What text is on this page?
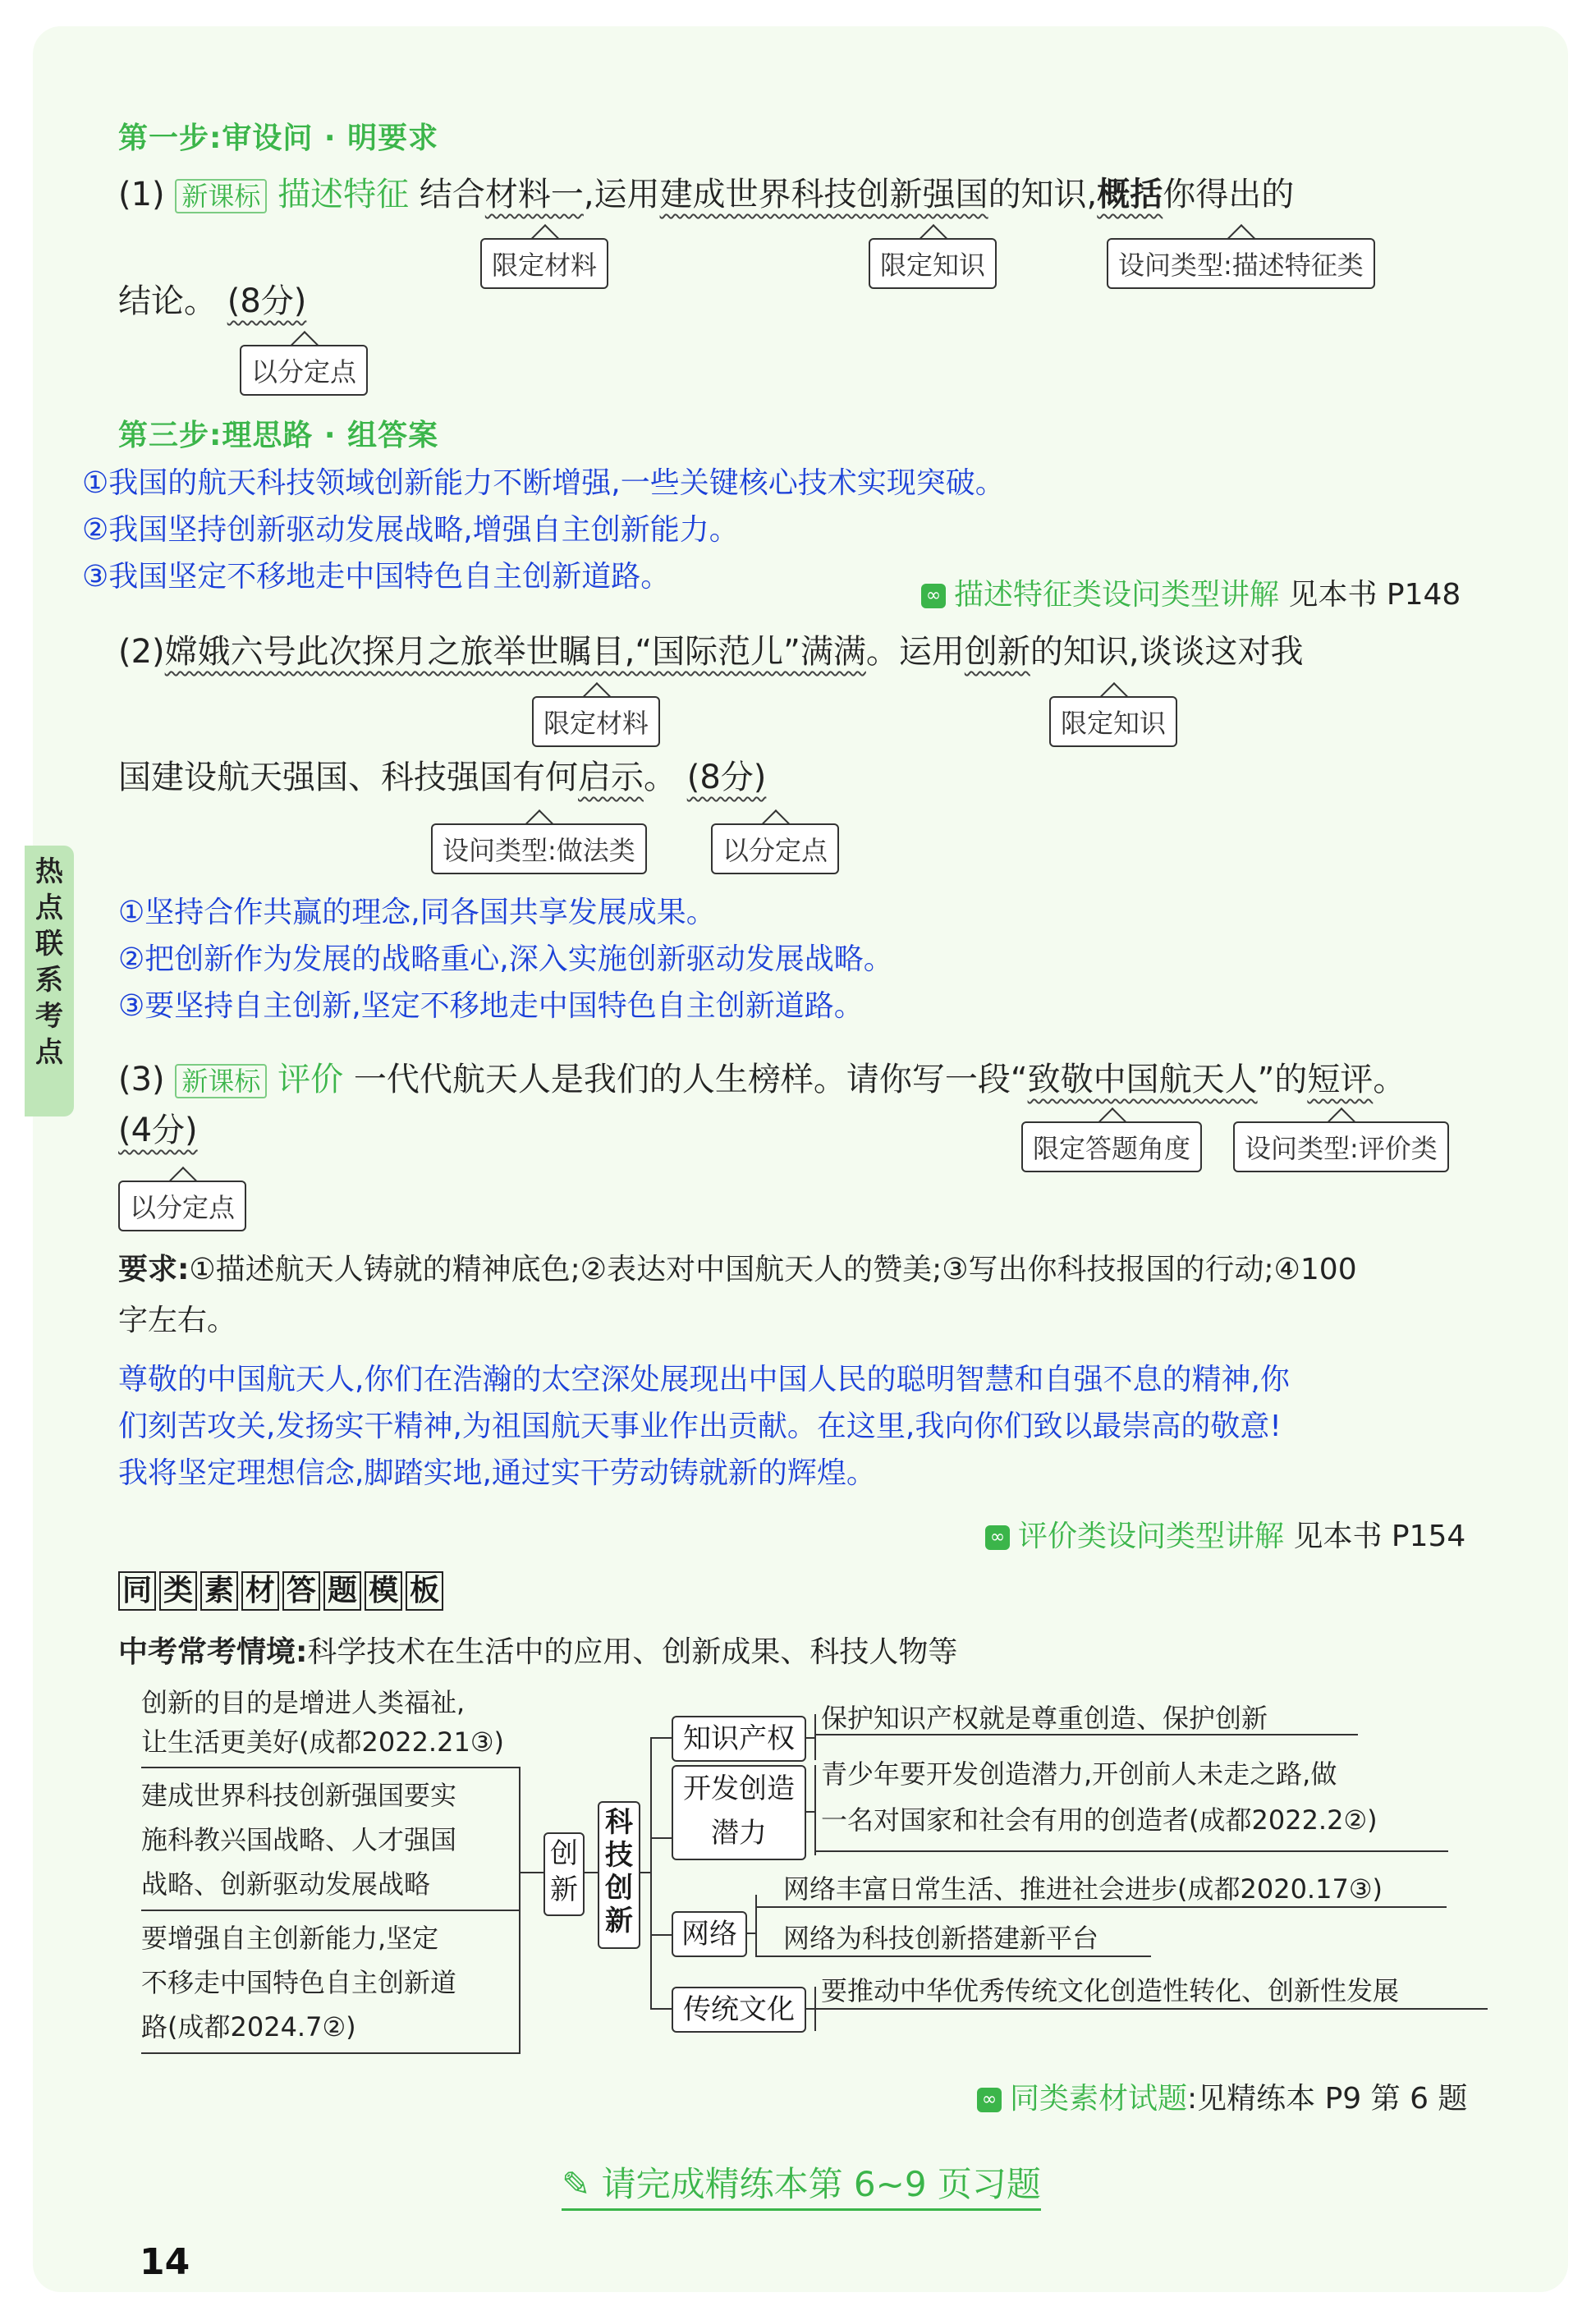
第一步:审设问 · 明要求
(1) 新课标 描述特征 结合材料一,运用建成世界科技创新强国的知识,概括你得出的
限定材料	限定知识	设问类型:描述特征类
结论。 (8分)
以分定点
第三步:理思路 · 组答案
①我国的航天科技领域创新能力不断增强,一些关键核心技术实现突破。
②我国坚持创新驱动发展战略,增强自主创新能力。
③我国坚定不移地走中国特色自主创新道路。
∞ 描述特征类设问类型讲解 见本书 P148
(2)嫦娥六号此次探月之旅举世瞩目,“国际范儿”满满。运用创新的知识,谈谈这对我
限定材料	限定知识
国建设航天强国、科技强国有何启示。 (8分)
设问类型:做法类	以分定点
热
点
联
系
考
点
①坚持合作共赢的理念,同各国共享发展成果。
②把创新作为发展的战略重心,深入实施创新驱动发展战略。
③要坚持自主创新,坚定不移地走中国特色自主创新道路。
(3) 新课标 评价 一代代航天人是我们的人生榜样。请你写一段“致敬中国航天人”的短评。
(4分)	限定答题角度	设问类型:评价类
以分定点
要求:①描述航天人铸就的精神底色;②表达对中国航天人的赞美;③写出你科技报国的行动;④100
字左右。
尊敬的中国航天人,你们在浩瀚的太空深处展现出中国人民的聪明智慧和自强不息的精神,你
们刻苦攻关,发扬实干精神,为祖国航天事业作出贡献。在这里,我向你们致以最崇高的敬意!
我将坚定理想信念,脚踏实地,通过实干劳动铸就新的辉煌。
∞ 评价类设问类型讲解 见本书 P154
同 类 素 材 答 题 模 板
中考常考情境:科学技术在生活中的应用、创新成果、科技人物等
创新的目的是增进人类福祉,
让生活更美好(成都2022.21③)
建成世界科技创新强国要实
施科教兴国战略、人才强国
战略、创新驱动发展战略
要增强自主创新能力,坚定
不移走中国特色自主创新道
路(成都2024.7②)
创新
科技创新
知识产权
保护知识产权就是尊重创造、保护创新
开发创造潜力
青少年要开发创造潜力,开创前人未走之路,做
一名对国家和社会有用的创造者(成都2022.2②)
网络
网络丰富日常生活、推进社会进步(成都2020.17③)
网络为科技创新搭建新平台
传统文化
要推动中华优秀传统文化创造性转化、创新性发展
∞ 同类素材试题:见精练本 P9 第 6 题
✎ 请完成精练本第 6~9 页习题
14
